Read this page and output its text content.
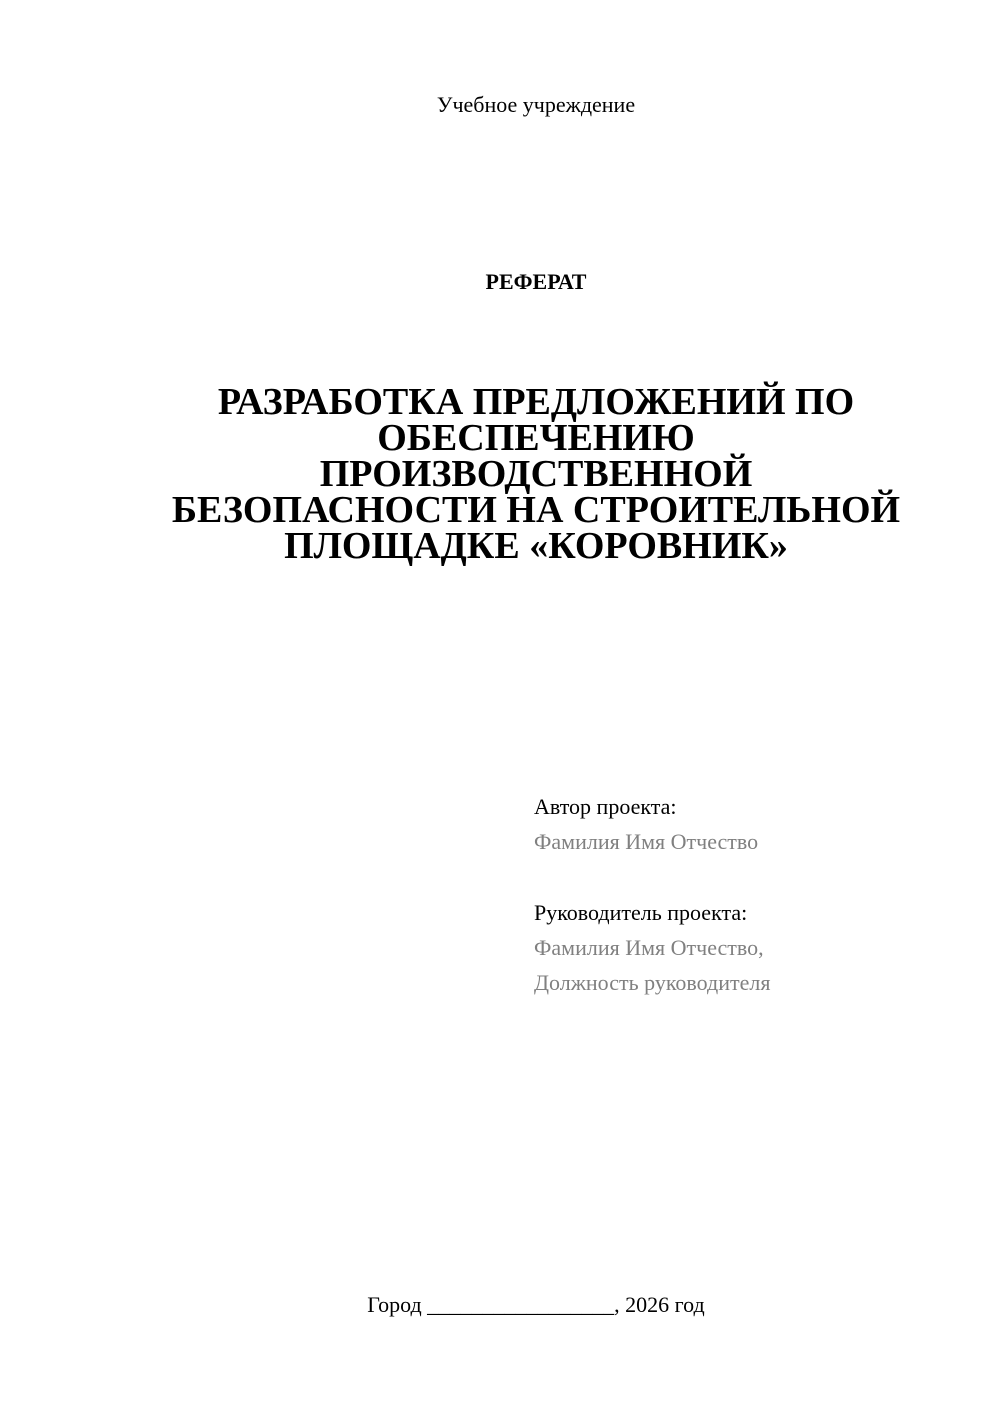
Учебное учреждение
РЕФЕРАТ
РАЗРАБОТКА ПРЕДЛОЖЕНИЙ ПО
ОБЕСПЕЧЕНИЮ
ПРОИЗВОДСТВЕННОЙ
БЕЗОПАСНОСТИ НА СТРОИТЕЛЬНОЙ
ПЛОЩАДКЕ «КОРОВНИК»
Автор проекта:
Фамилия Имя Отчество
Руководитель проекта:
Фамилия Имя Отчество,
Должность руководителя
Город _________________, 2026 год
